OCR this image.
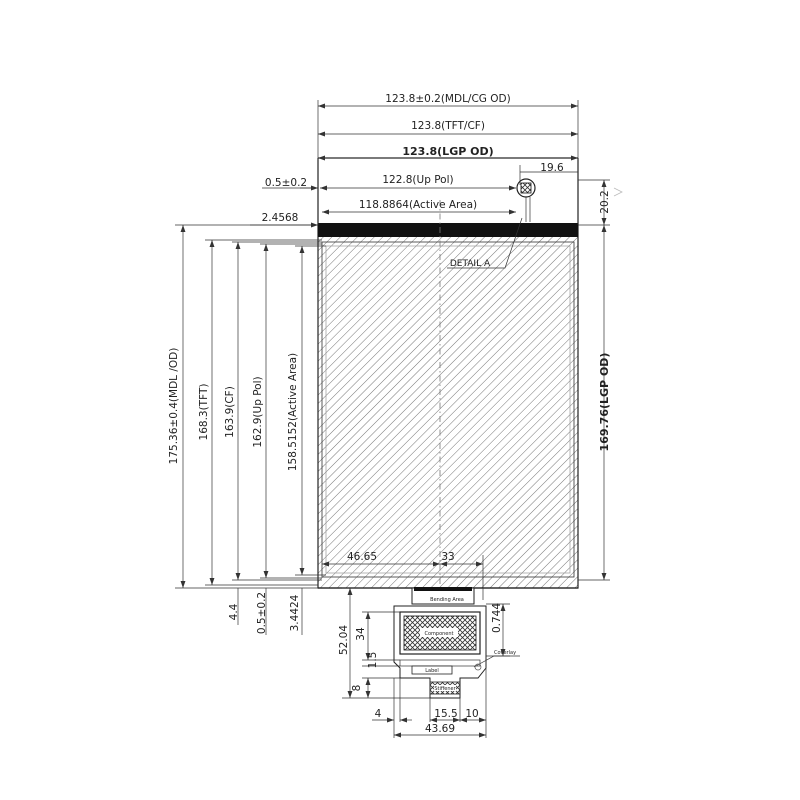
123.8±0.2(MDL/CG OD)
123.8(TFT/CF)
123.8(LGP OD)
19.6
0.5±0.2	122.8(Up Pol)
118.8864(Active Area)
2.4568
20.2
DETAIL A
175.36±0.4(MDL /OD) 168.3(TFT) 163.9(CF) 162.9(Up Pol) 158.5152(Active Area)
4.4 0.5±0.2 3.4424
169.76(LGP OD)
46.65	33
Bending Area
Component
Label
Stiffener
Coverlay
52.04 34
1.5
8
0.744
4	15.5 10
43.69
